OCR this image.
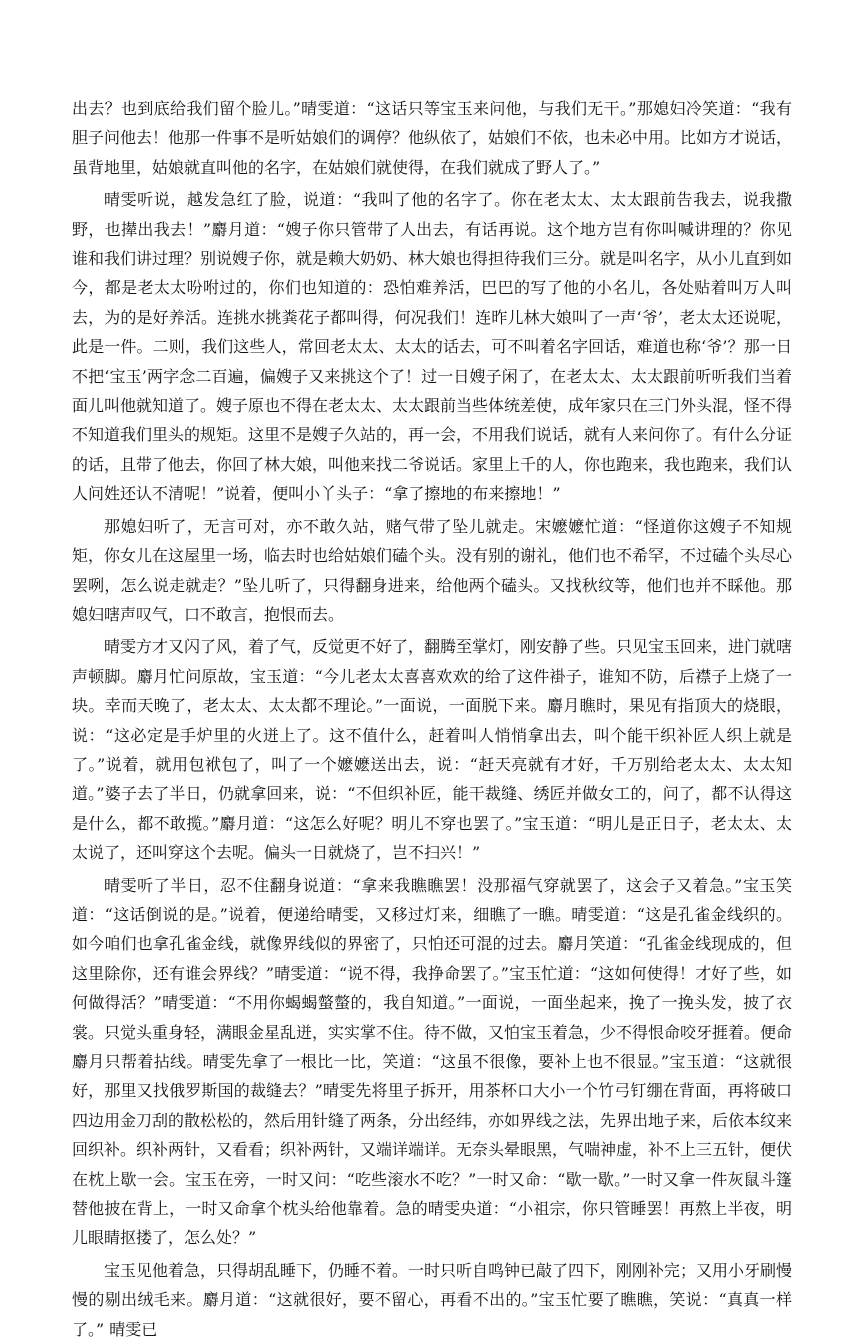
出去？也到底给我们留个脸儿。”晴雯道：“这话只等宝玉来问他，与我们无干。”那媳妇冷笑道：“我有胆子问他去！他那一件事不是听姑娘们的调停？他纵依了，姑娘们不依，也未必中用。比如方才说话，虽背地里，姑娘就直叫他的名字，在姑娘们就使得，在我们就成了野人了。”

晴雯听说，越发急红了脸，说道：“我叫了他的名字了。你在老太太、太太跟前告我去，说我撒野，也撵出我去！”麝月道：“嫂子你只管带了人出去，有话再说。这个地方岂有你叫喊讲理的？你见谁和我们讲过理？别说嫂子你，就是赖大奶奶、林大娘也得担待我们三分。就是叫名字，从小儿直到如今，都是老太太吩咐过的，你们也知道的：恐怕难养活，巴巴的写了他的小名儿，各处贴着叫万人叫去，为的是好养活。连挑水挑粪花子都叫得，何况我们！连昨儿林大娘叫了一声‘爷’，老太太还说呢，此是一件。二则，我们这些人，常回老太太、太太的话去，可不叫着名字回话，难道也称‘爷’？那一日不把‘宝玉’两字念二百遍，偏嫂子又来挑这个了！过一日嫂子闲了，在老太太、太太跟前听听我们当着面儿叫他就知道了。嫂子原也不得在老太太、太太跟前当些体统差使，成年家只在三门外头混，怪不得不知道我们里头的规矩。这里不是嫂子久站的，再一会，不用我们说话，就有人来问你了。有什么分证的话，且带了他去，你回了林大娘，叫他来找二爷说话。家里上千的人，你也跑来，我也跑来，我们认人问姓还认不清呢！”说着，便叫小丫头子：“拿了擦地的布来擦地！”

那媳妇听了，无言可对，亦不敢久站，赌气带了坠儿就走。宋嬷嬷忙道：“怪道你这嫂子不知规矩，你女儿在这屋里一场，临去时也给姑娘们磕个头。没有别的谢礼，他们也不希罕，不过磕个头尽心罢咧，怎么说走就走？”坠儿听了，只得翻身进来，给他两个磕头。又找秋纹等，他们也并不睬他。那媳妇嗐声叹气，口不敢言，抱恨而去。

晴雯方才又闪了风，着了气，反觉更不好了，翻腾至掌灯，刚安静了些。只见宝玉回来，进门就嗐声顿脚。麝月忙问原故，宝玉道：“今儿老太太喜喜欢欢的给了这件褂子，谁知不防，后襟子上烧了一块。幸而天晚了，老太太、太太都不理论。”一面说，一面脱下来。麝月瞧时，果见有指顶大的烧眼，说：“这必定是手炉里的火迸上了。这不值什么，赶着叫人悄悄拿出去，叫个能干织补匠人织上就是了。”说着，就用包袱包了，叫了一个嬷嬷送出去，说：“赶天亮就有才好，千万别给老太太、太太知道。”婆子去了半日，仍就拿回来，说：“不但织补匠，能干裁缝、绣匠并做女工的，问了，都不认得这是什么，都不敢揽。”麝月道：“这怎么好呢？明儿不穿也罢了。”宝玉道：“明儿是正日子，老太太、太太说了，还叫穿这个去呢。偏头一日就烧了，岂不扫兴！”

晴雯听了半日，忍不住翻身说道：“拿来我瞧瞧罢！没那福气穿就罢了，这会子又着急。”宝玉笑道：“这话倒说的是。”说着，便递给晴雯，又移过灯来，细瞧了一瞧。晴雯道：“这是孔雀金线织的。如今咱们也拿孔雀金线，就像界线似的界密了，只怕还可混的过去。麝月笑道：“孔雀金线现成的，但这里除你，还有谁会界线？”晴雯道：“说不得，我挣命罢了。”宝玉忙道：“这如何使得！才好了些，如何做得活？”晴雯道：“不用你蝎蝎螫螫的，我自知道。”一面说，一面坐起来，挽了一挽头发，披了衣裳。只觉头重身轻，满眼金星乱迸，实实掌不住。待不做，又怕宝玉着急，少不得恨命咬牙捱着。便命麝月只帮着拈线。晴雯先拿了一根比一比，笑道：“这虽不很像，要补上也不很显。”宝玉道：“这就很好，那里又找俄罗斯国的裁缝去？”晴雯先将里子拆开，用茶杯口大小一个竹弓钉绷在背面，再将破口四边用金刀刮的散松松的，然后用针缝了两条，分出经纬，亦如界线之法，先界出地子来，后依本纹来回织补。织补两针，又看看；织补两针，又端详端详。无奈头晕眼黑，气喘神虚，补不上三五针，便伏在枕上歇一会。宝玉在旁，一时又问：“吃些滚水不吃？”一时又命：“歇一歇。”一时又拿一件灰鼠斗篷替他披在背上，一时又命拿个枕头给他靠着。急的晴雯央道：“小祖宗，你只管睡罢！再熬上半夜，明儿眼睛抠搂了，怎么处？”

宝玉见他着急，只得胡乱睡下，仍睡不着。一时只听自鸣钟已敲了四下，刚刚补完；又用小牙刷慢慢的剔出绒毛来。麝月道：“这就很好，要不留心，再看不出的。”宝玉忙要了瞧瞧，笑说：“真真一样了。” 晴雯已
